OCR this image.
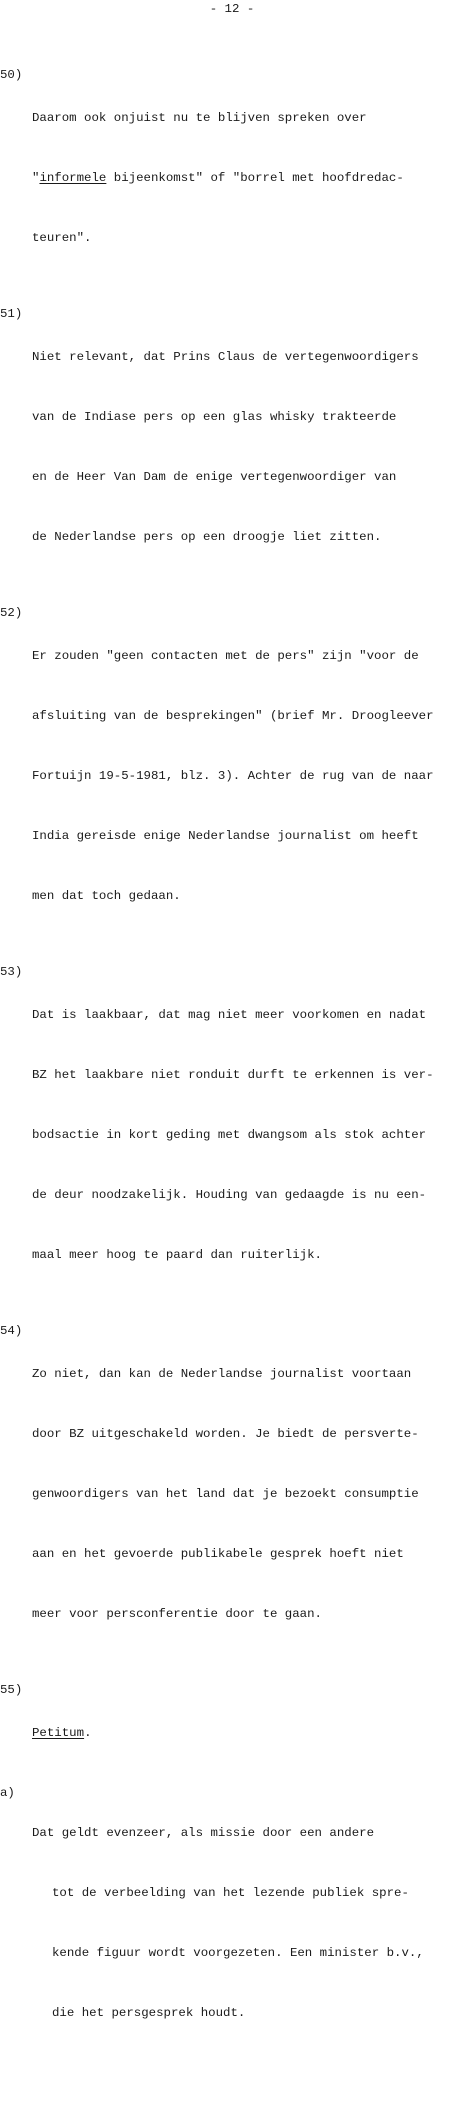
- 12 -
50)

Daarom ook onjuist nu te blijven spreken over

"informele bijeenkomst" of "borrel met hoofdredac-

teuren".

51)

Niet relevant, dat Prins Claus de vertegenwoordigers

van de Indiase pers op een glas whisky trakteerde

en de Heer Van Dam de enige vertegenwoordiger van

de Nederlandse pers op een droogje liet zitten.

52)

Er zouden "geen contacten met de pers" zijn "voor de

afsluiting van de besprekingen" (brief Mr. Droogleever

Fortuijn 19-5-1981, blz. 3). Achter de rug van de naar

India gereisde enige Nederlandse journalist om heeft

men dat toch gedaan.

53)

Dat is laakbaar, dat mag niet meer voorkomen en nadat

BZ het laakbare niet ronduit durft te erkennen is ver-

bodsactie in kort geding met dwangsom als stok achter

de deur noodzakelijk. Houding van gedaagde is nu een-

maal meer hoog te paard dan ruiterlijk.

54)

Zo niet, dan kan de Nederlandse journalist voortaan

door BZ uitgeschakeld worden. Je biedt de persverte-

genwoordigers van het land dat je bezoekt consumptie

aan en het gevoerde publikabele gesprek hoeft niet

meer voor persconferentie door te gaan.

55)

Petitum.

a)

Dat geldt evenzeer, als missie door een andere

tot de verbeelding van het lezende publiek spre-

kende figuur wordt voorgezeten. Een minister b.v.,

die het persgesprek houdt.
